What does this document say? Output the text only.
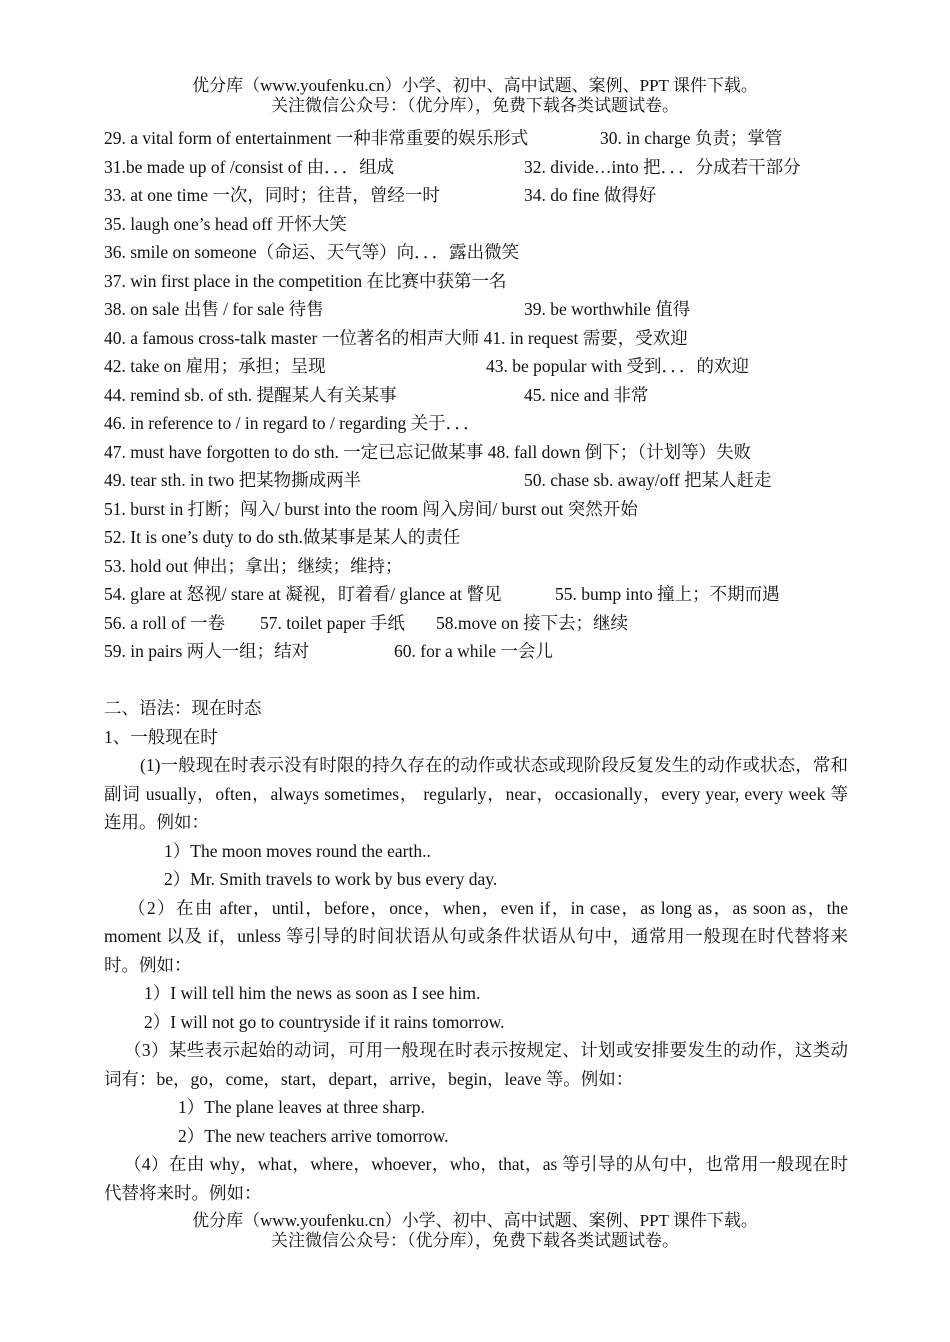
优分库（www.youfenku.cn）小学、初中、高中试题、案例、PPT 课件下载。
关注微信公众号：（优分库），免费下载各类试题试卷。
29. a vital form of entertainment 一种非常重要的娱乐形式	30. in charge 负责；掌管
31.be made up of /consist of 由．．．组成	32. divide…into 把．．．分成若干部分
33. at one time 一次，同时；往昔，曾经一时	34. do fine 做得好
35. laugh one’s head off 开怀大笑
36. smile on someone（命运、天气等）向．．．露出微笑
37. win first place in the competition 在比赛中获第一名
38. on sale 出售 / for sale 待售	39. be worthwhile 值得
40. a famous cross-talk master 一位著名的相声大师 41. in request 需要，受欢迎
42. take on 雇用；承担；呈现	43. be popular with 受到．．．的欢迎
44. remind sb. of sth. 提醒某人有关某事	45. nice and 非常
46. in reference to / in regard to / regarding 关于．．．
47. must have forgotten to do sth. 一定已忘记做某事 48. fall down 倒下；（计划等）失败
49. tear sth. in two 把某物撕成两半	50. chase sb. away/off 把某人赶走
51. burst in 打断；闯入/ burst into the room 闯入房间/ burst out 突然开始
52. It is one’s duty to do sth.做某事是某人的责任
53. hold out 伸出；拿出；继续；维持；
54. glare at 怒视/ stare at 凝视，盯着看/ glance at 瞥见	55. bump into 撞上；不期而遇
56. a roll of 一卷 57. toilet paper 手纸 58.move on 接下去；继续
59. in pairs 两人一组；结对	60. for a while 一会儿
二、语法：现在时态
1、一般现在时
(1)一般现在时表示没有时限的持久存在的动作或状态或现阶段反复发生的动作或状态，常和副词 usually，often，always sometimes， regularly，near，occasionally，every year, every week 等连用。例如：
1）The moon moves round the earth..
2）Mr. Smith travels to work by bus every day.
（2）在由 after，until，before，once，when，even if，in case，as long as，as soon as，the moment 以及 if，unless 等引导的时间状语从句或条件状语从句中，通常用一般现在时代替将来时。例如：
1）I will tell him the news as soon as I see him.
2）I will not go to countryside if it rains tomorrow.
（3）某些表示起始的动词，可用一般现在时表示按规定、计划或安排要发生的动作，这类动词有：be，go，come，start，depart，arrive，begin，leave 等。例如：
1）The plane leaves at three sharp.
2）The new teachers arrive tomorrow.
（4）在由 why，what，where，whoever，who，that，as 等引导的从句中，也常用一般现在时代替将来时。例如：
优分库（www.youfenku.cn）小学、初中、高中试题、案例、PPT 课件下载。
关注微信公众号：（优分库），免费下载各类试题试卷。
